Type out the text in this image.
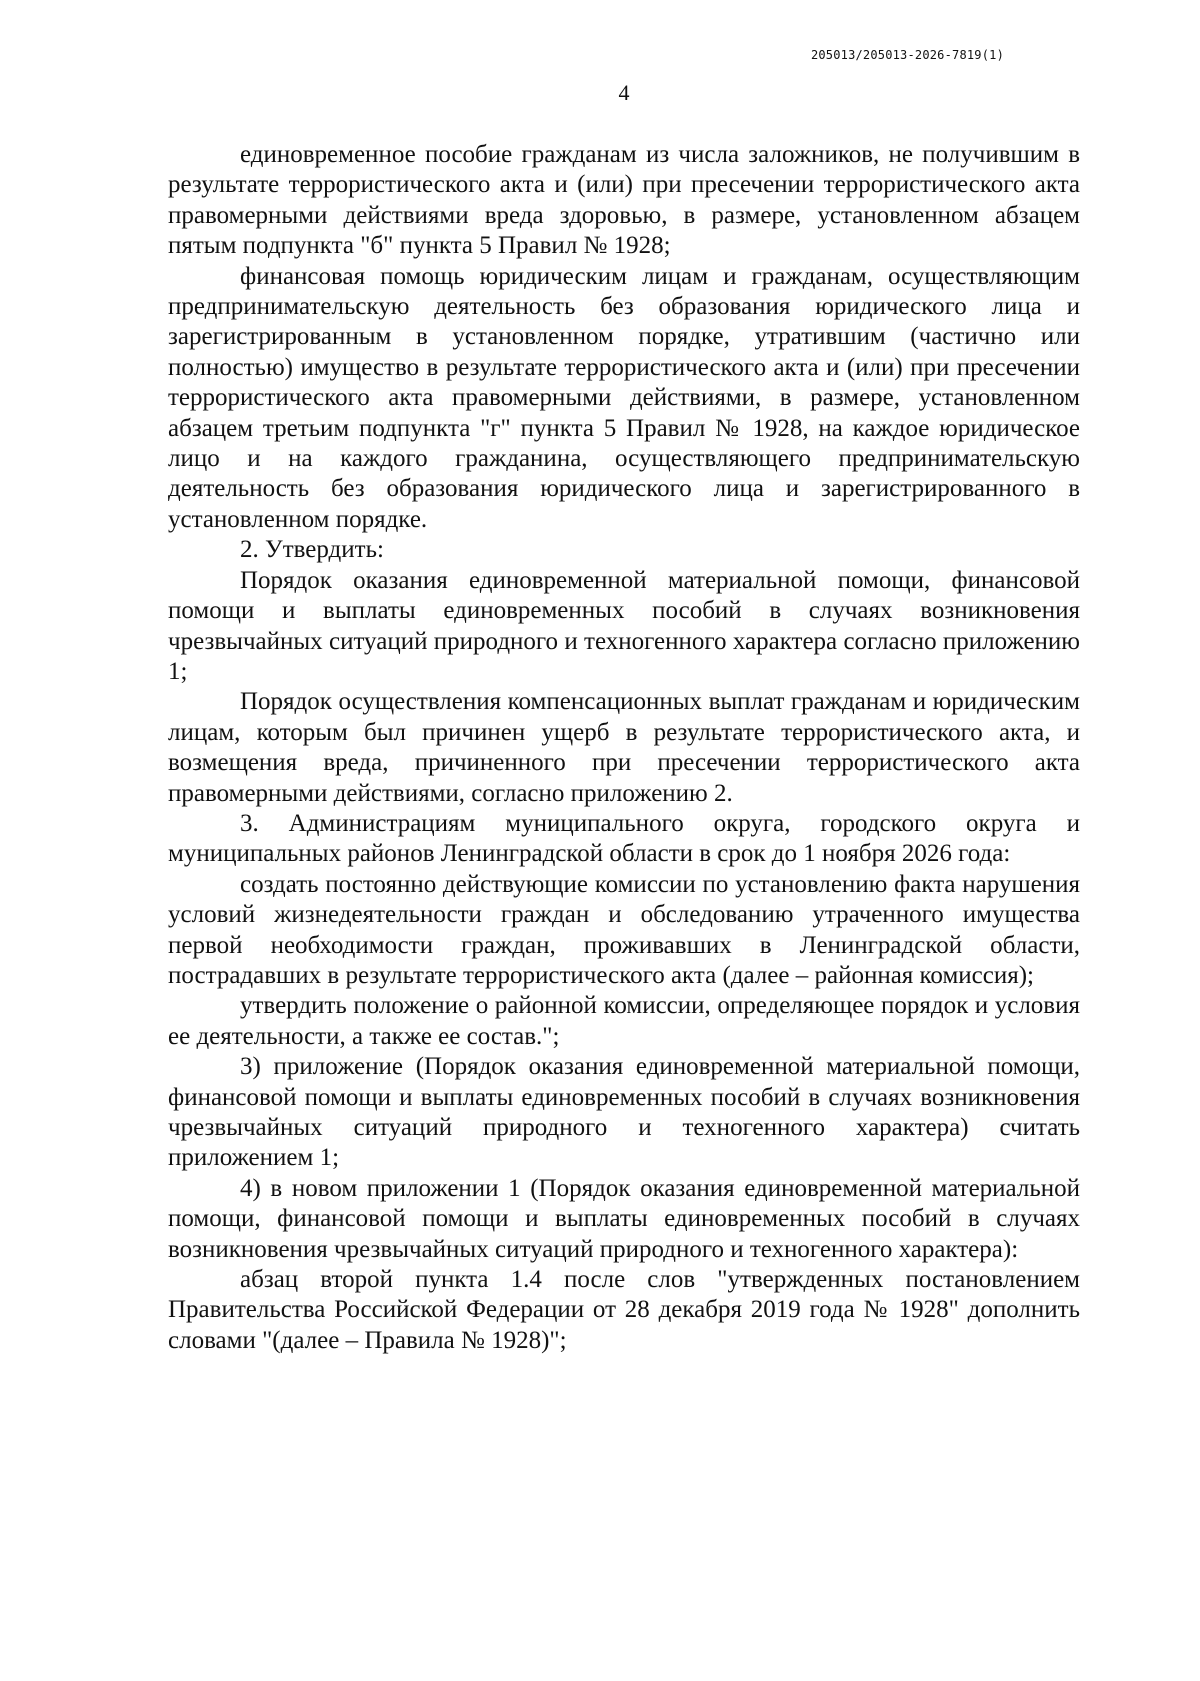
205013/205013-2026-7819(1)
4

единовременное пособие гражданам из числа заложников, не получившим в результате террористического акта и (или) при пресечении террористического акта правомерными действиями вреда здоровью, в размере, установленном абзацем пятым подпункта "б" пункта 5 Правил № 1928;

финансовая помощь юридическим лицам и гражданам, осуществляющим предпринимательскую деятельность без образования юридического лица и зарегистрированным в установленном порядке, утратившим (частично или полностью) имущество в результате террористического акта и (или) при пресечении террористического акта правомерными действиями, в размере, установленном абзацем третьим подпункта "г" пункта 5 Правил № 1928, на каждое юридическое лицо и на каждого гражданина, осуществляющего предпринимательскую деятельность без образования юридического лица и зарегистрированного в установленном порядке.

2. Утвердить:

Порядок оказания единовременной материальной помощи, финансовой помощи и выплаты единовременных пособий в случаях возникновения чрезвычайных ситуаций природного и техногенного характера согласно приложению 1;

Порядок осуществления компенсационных выплат гражданам и юридическим лицам, которым был причинен ущерб в результате террористического акта, и возмещения вреда, причиненного при пресечении террористического акта правомерными действиями, согласно приложению 2.

3. Администрациям муниципального округа, городского округа и муниципальных районов Ленинградской области в срок до 1 ноября 2026 года:

создать постоянно действующие комиссии по установлению факта нарушения условий жизнедеятельности граждан и обследованию утраченного имущества первой необходимости граждан, проживавших в Ленинградской области, пострадавших в результате террористического акта (далее – районная комиссия);

утвердить положение о районной комиссии, определяющее порядок и условия ее деятельности, а также ее состав.";

3) приложение (Порядок оказания единовременной материальной помощи, финансовой помощи и выплаты единовременных пособий в случаях возникновения чрезвычайных ситуаций природного и техногенного характера) считать приложением 1;

4) в новом приложении 1 (Порядок оказания единовременной материальной помощи, финансовой помощи и выплаты единовременных пособий в случаях возникновения чрезвычайных ситуаций природного и техногенного характера):

абзац второй пункта 1.4 после слов "утвержденных постановлением Правительства Российской Федерации от 28 декабря 2019 года № 1928" дополнить словами "(далее – Правила № 1928)";
